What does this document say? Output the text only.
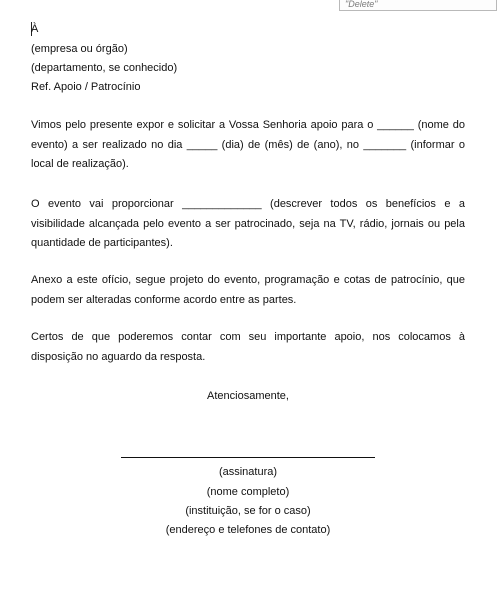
"Delete"
À
(empresa ou órgão)
(departamento, se conhecido)
Ref. Apoio / Patrocínio
Vimos pelo presente expor e solicitar a Vossa Senhoria apoio para o ______ (nome do evento) a ser realizado no dia _____ (dia) de (mês) de (ano), no _______ (informar o local de realização).
O evento vai proporcionar _____________ (descrever todos os benefícios e a visibilidade alcançada pelo evento a ser patrocinado, seja na TV, rádio, jornais ou pela quantidade de participantes).
Anexo a este ofício, segue projeto do evento, programação e cotas de patrocínio, que podem ser alteradas conforme acordo entre as partes.
Certos de que poderemos contar com seu importante apoio, nos colocamos à disposição no aguardo da resposta.
Atenciosamente,
(assinatura)
(nome completo)
(instituição, se for o caso)
(endereço e telefones de contato)
